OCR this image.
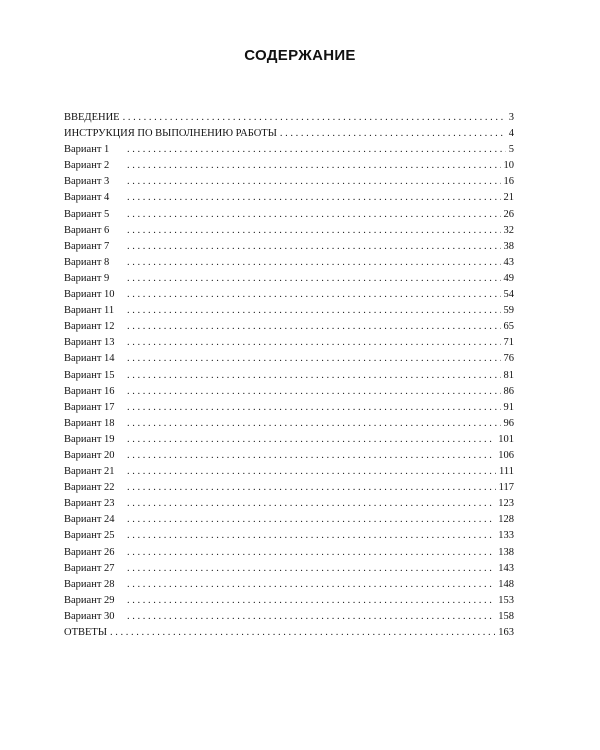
СОДЕРЖАНИЕ
ВВЕДЕНИЕ . . .	3
ИНСТРУКЦИЯ ПО ВЫПОЛНЕНИЮ РАБОТЫ . . .	4
Вариант 1 . . .	5
Вариант 2 . . .	10
Вариант 3 . . .	16
Вариант 4 . . .	21
Вариант 5 . . .	26
Вариант 6 . . .	32
Вариант 7 . . .	38
Вариант 8 . . .	43
Вариант 9 . . .	49
Вариант 10 . . .	54
Вариант 11 . . .	59
Вариант 12 . . .	65
Вариант 13 . . .	71
Вариант 14 . . .	76
Вариант 15 . . .	81
Вариант 16 . . .	86
Вариант 17 . . .	91
Вариант 18 . . .	96
Вариант 19 . . .	101
Вариант 20 . . .	106
Вариант 21 . . .	111
Вариант 22 . . .	117
Вариант 23 . . .	123
Вариант 24 . . .	128
Вариант 25 . . .	133
Вариант 26 . . .	138
Вариант 27 . . .	143
Вариант 28 . . .	148
Вариант 29 . . .	153
Вариант 30 . . .	158
ОТВЕТЫ . . .	163
